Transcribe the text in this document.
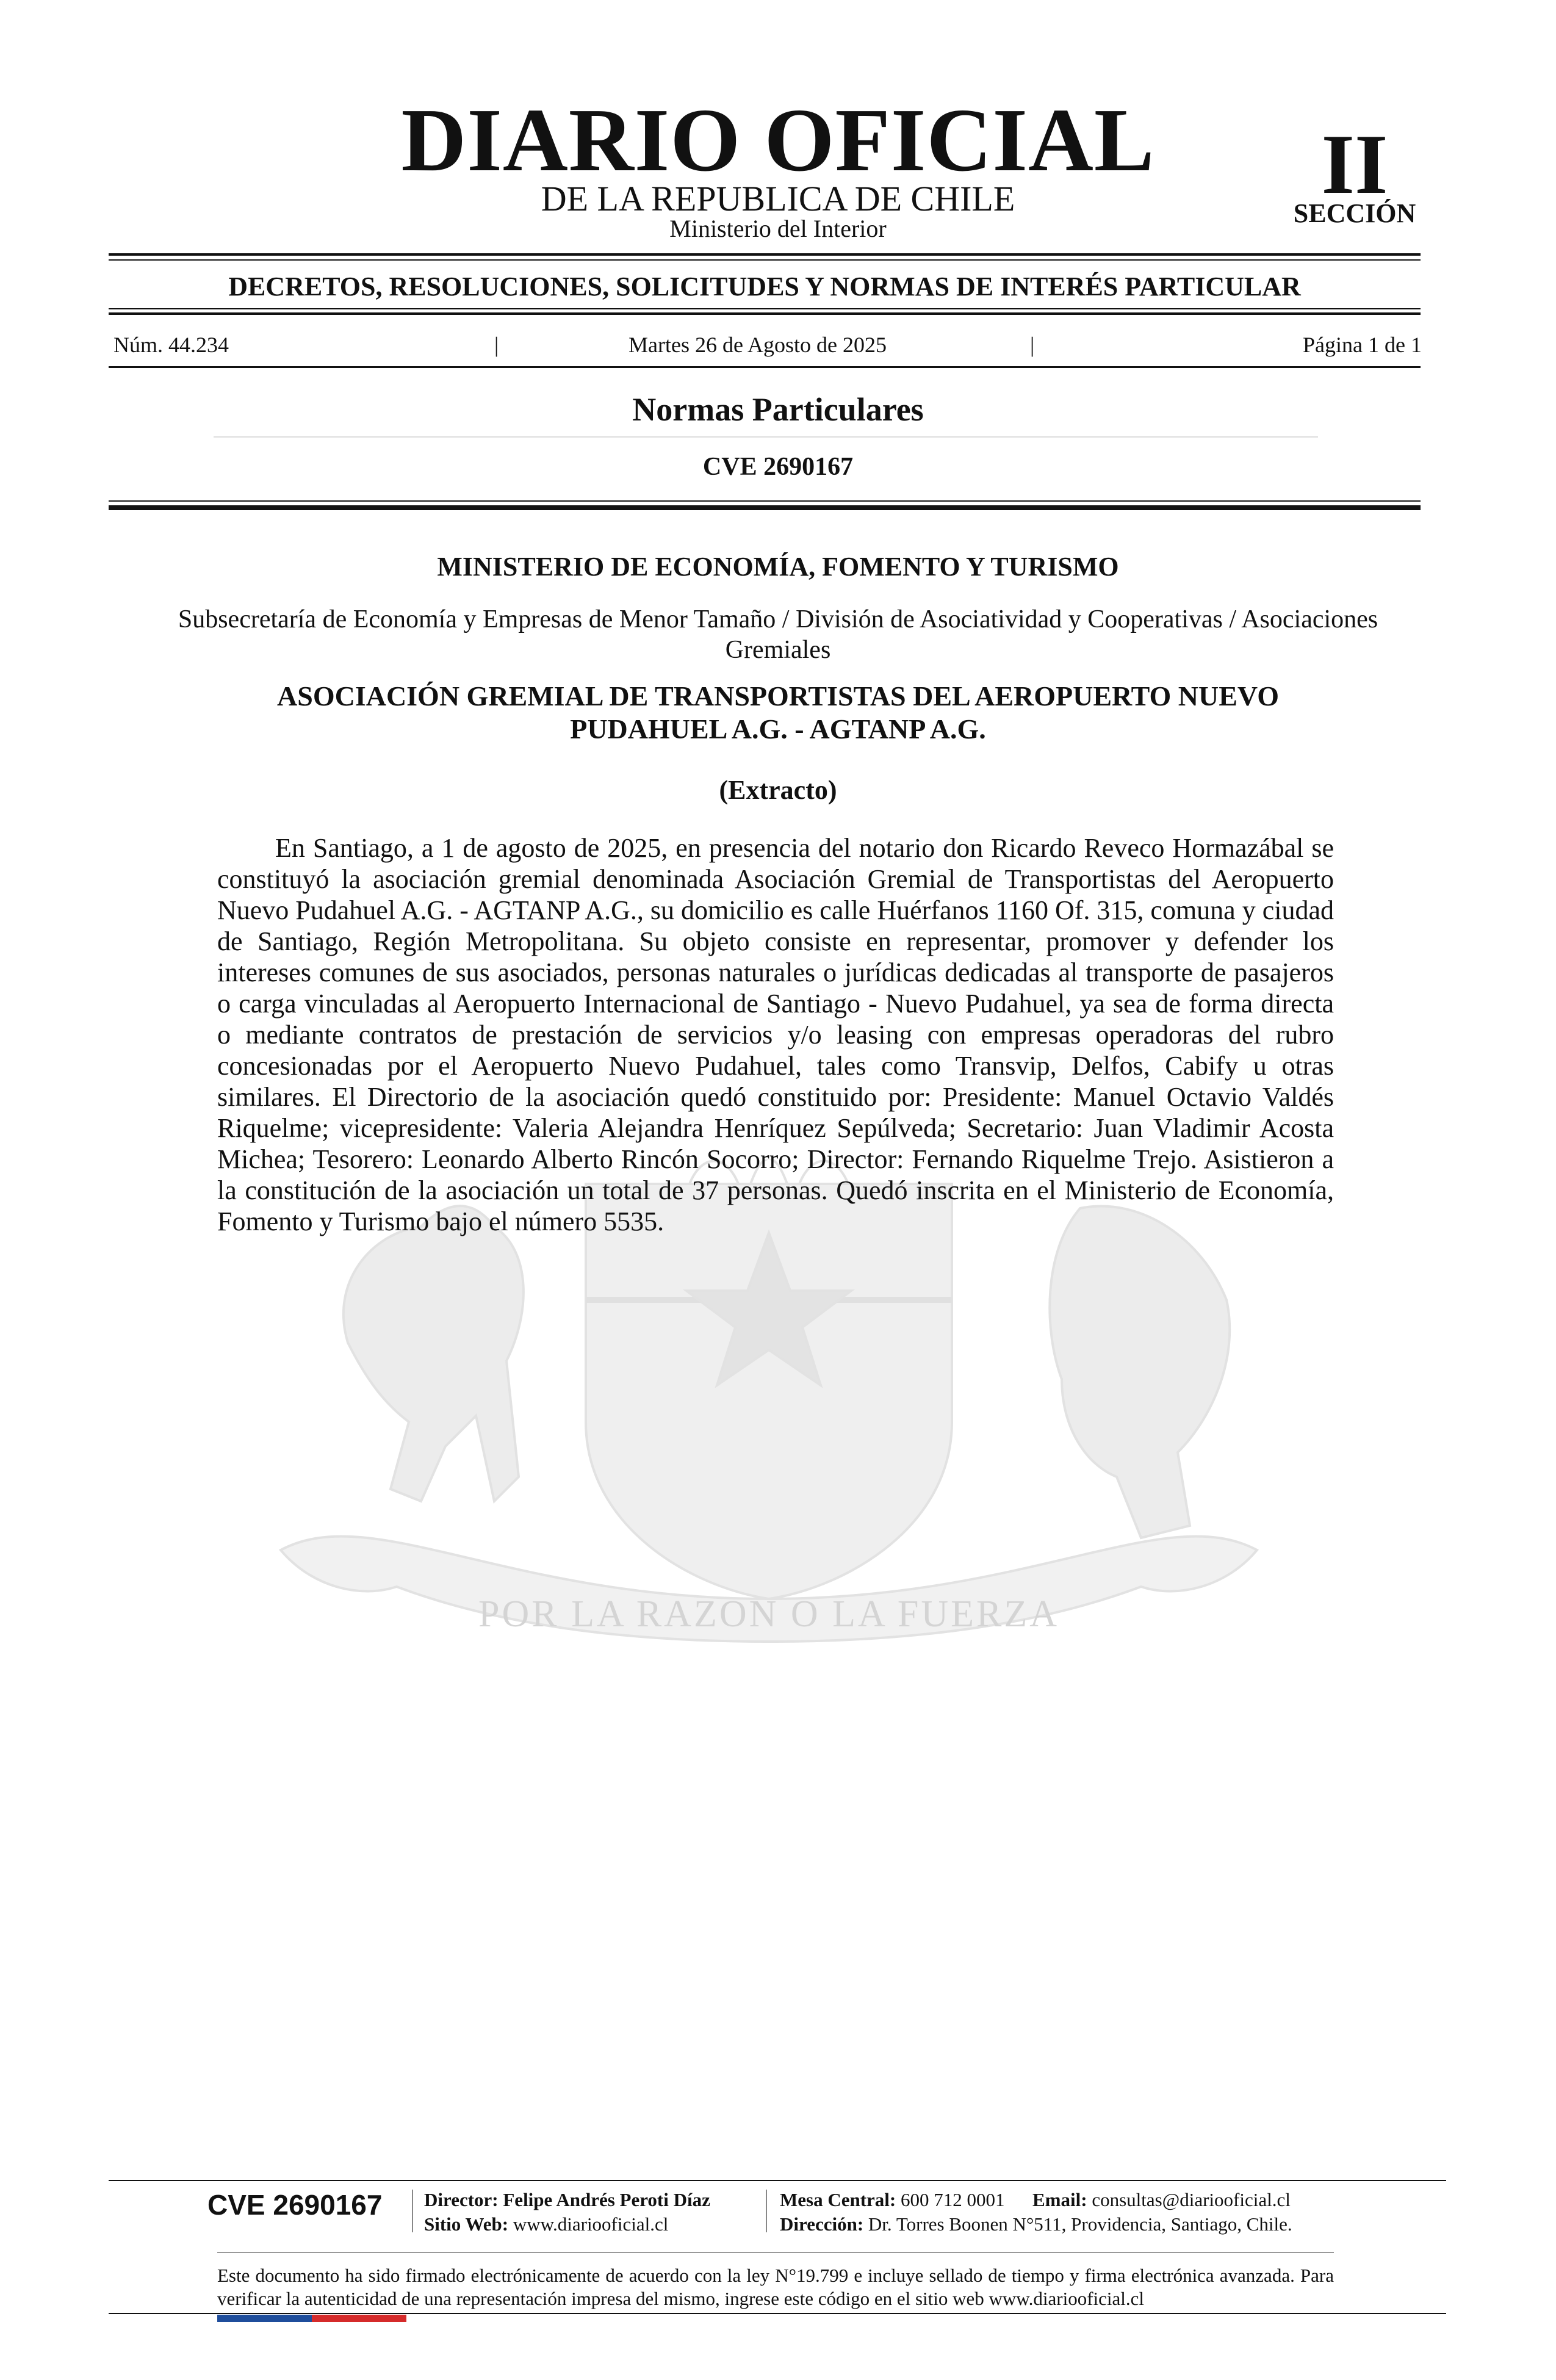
DIARIO OFICIAL
DE LA REPUBLICA DE CHILE
Ministerio del Interior
II
SECCIÓN
DECRETOS, RESOLUCIONES, SOLICITUDES Y NORMAS DE INTERÉS PARTICULAR
Núm. 44.234	|	Martes 26 de Agosto de 2025	|	Página 1 de 1
Normas Particulares
CVE 2690167
POR LA RAZON O LA FUERZA
MINISTERIO DE ECONOMÍA, FOMENTO Y TURISMO
Subsecretaría de Economía y Empresas de Menor Tamaño / División de Asociatividad y Cooperativas / Asociaciones Gremiales
ASOCIACIÓN GREMIAL DE TRANSPORTISTAS DEL AEROPUERTO NUEVO PUDAHUEL A.G. - AGTANP A.G.
(Extracto)
En Santiago, a 1 de agosto de 2025, en presencia del notario don Ricardo Reveco Hormazábal se constituyó la asociación gremial denominada Asociación Gremial de Transportistas del Aeropuerto Nuevo Pudahuel A.G. - AGTANP A.G., su domicilio es calle Huérfanos 1160 Of. 315, comuna y ciudad de Santiago, Región Metropolitana. Su objeto consiste en representar, promover y defender los intereses comunes de sus asociados, personas naturales o jurídicas dedicadas al transporte de pasajeros o carga vinculadas al Aeropuerto Internacional de Santiago - Nuevo Pudahuel, ya sea de forma directa o mediante contratos de prestación de servicios y/o leasing con empresas operadoras del rubro concesionadas por el Aeropuerto Nuevo Pudahuel, tales como Transvip, Delfos, Cabify u otras similares. El Directorio de la asociación quedó constituido por: Presidente: Manuel Octavio Valdés Riquelme; vicepresidente: Valeria Alejandra Henríquez Sepúlveda; Secretario: Juan Vladimir Acosta Michea; Tesorero: Leonardo Alberto Rincón Socorro; Director: Fernando Riquelme Trejo. Asistieron a la constitución de la asociación un total de 37 personas. Quedó inscrita en el Ministerio de Economía, Fomento y Turismo bajo el número 5535.
CVE 2690167	Director: Felipe Andrés Peroti Díaz
Sitio Web: www.diariooficial.cl
Mesa Central: 600 712 0001 Email: consultas@diariooficial.cl
Dirección: Dr. Torres Boonen N°511, Providencia, Santiago, Chile.
Este documento ha sido firmado electrónicamente de acuerdo con la ley N°19.799 e incluye sellado de tiempo y firma electrónica avanzada. Para verificar la autenticidad de una representación impresa del mismo, ingrese este código en el sitio web www.diariooficial.cl
